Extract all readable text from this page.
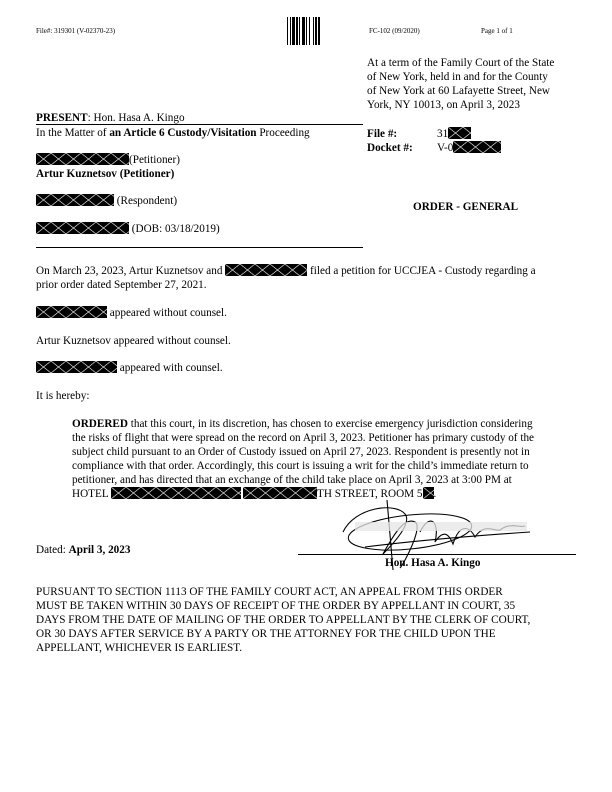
File#: 319301 (V-02370-23)	FC-102 (09/2020)	Page 1 of 1
At a term of the Family Court of the State
of New York, held in and for the County
of New York at 60 Lafayette Street, New
York, NY 10013, on April 3, 2023
PRESENT: Hon. Hasa A. Kingo
In the Matter of an Article 6 Custody/Visitation Proceeding	File #:	31
Docket #: V-0
(Petitioner)
Artur Kuznetsov (Petitioner)
(Respondent)
(DOB: 03/18/2019)
ORDER - GENERAL
On March 23, 2023, Artur Kuznetsov and	filed a petition for UCCJEA - Custody regarding a
prior order dated September 27, 2021.
appeared without counsel.
Artur Kuznetsov appeared without counsel.
appeared with counsel.
It is hereby:
ORDERED that this court, in its discretion, has chosen to exercise emergency jurisdiction considering
the risks of flight that were spread on the record on April 3, 2023. Petitioner has primary custody of the
subject child pursuant to an Order of Custody issued on April 27, 2023. Respondent is presently not in
compliance with that order. Accordingly, this court is issuing a writ for the child’s immediate return to
petitioner, and has directed that an exchange of the child take place on April 3, 2023 at 3:00 PM at
HOTEL	TH STREET, ROOM 5 .
Dated: April 3, 2023
Hon. Hasa A. Kingo
PURSUANT TO SECTION 1113 OF THE FAMILY COURT ACT, AN APPEAL FROM THIS ORDER
MUST BE TAKEN WITHIN 30 DAYS OF RECEIPT OF THE ORDER BY APPELLANT IN COURT, 35
DAYS FROM THE DATE OF MAILING OF THE ORDER TO APPELLANT BY THE CLERK OF COURT,
OR 30 DAYS AFTER SERVICE BY A PARTY OR THE ATTORNEY FOR THE CHILD UPON THE
APPELLANT, WHICHEVER IS EARLIEST.
